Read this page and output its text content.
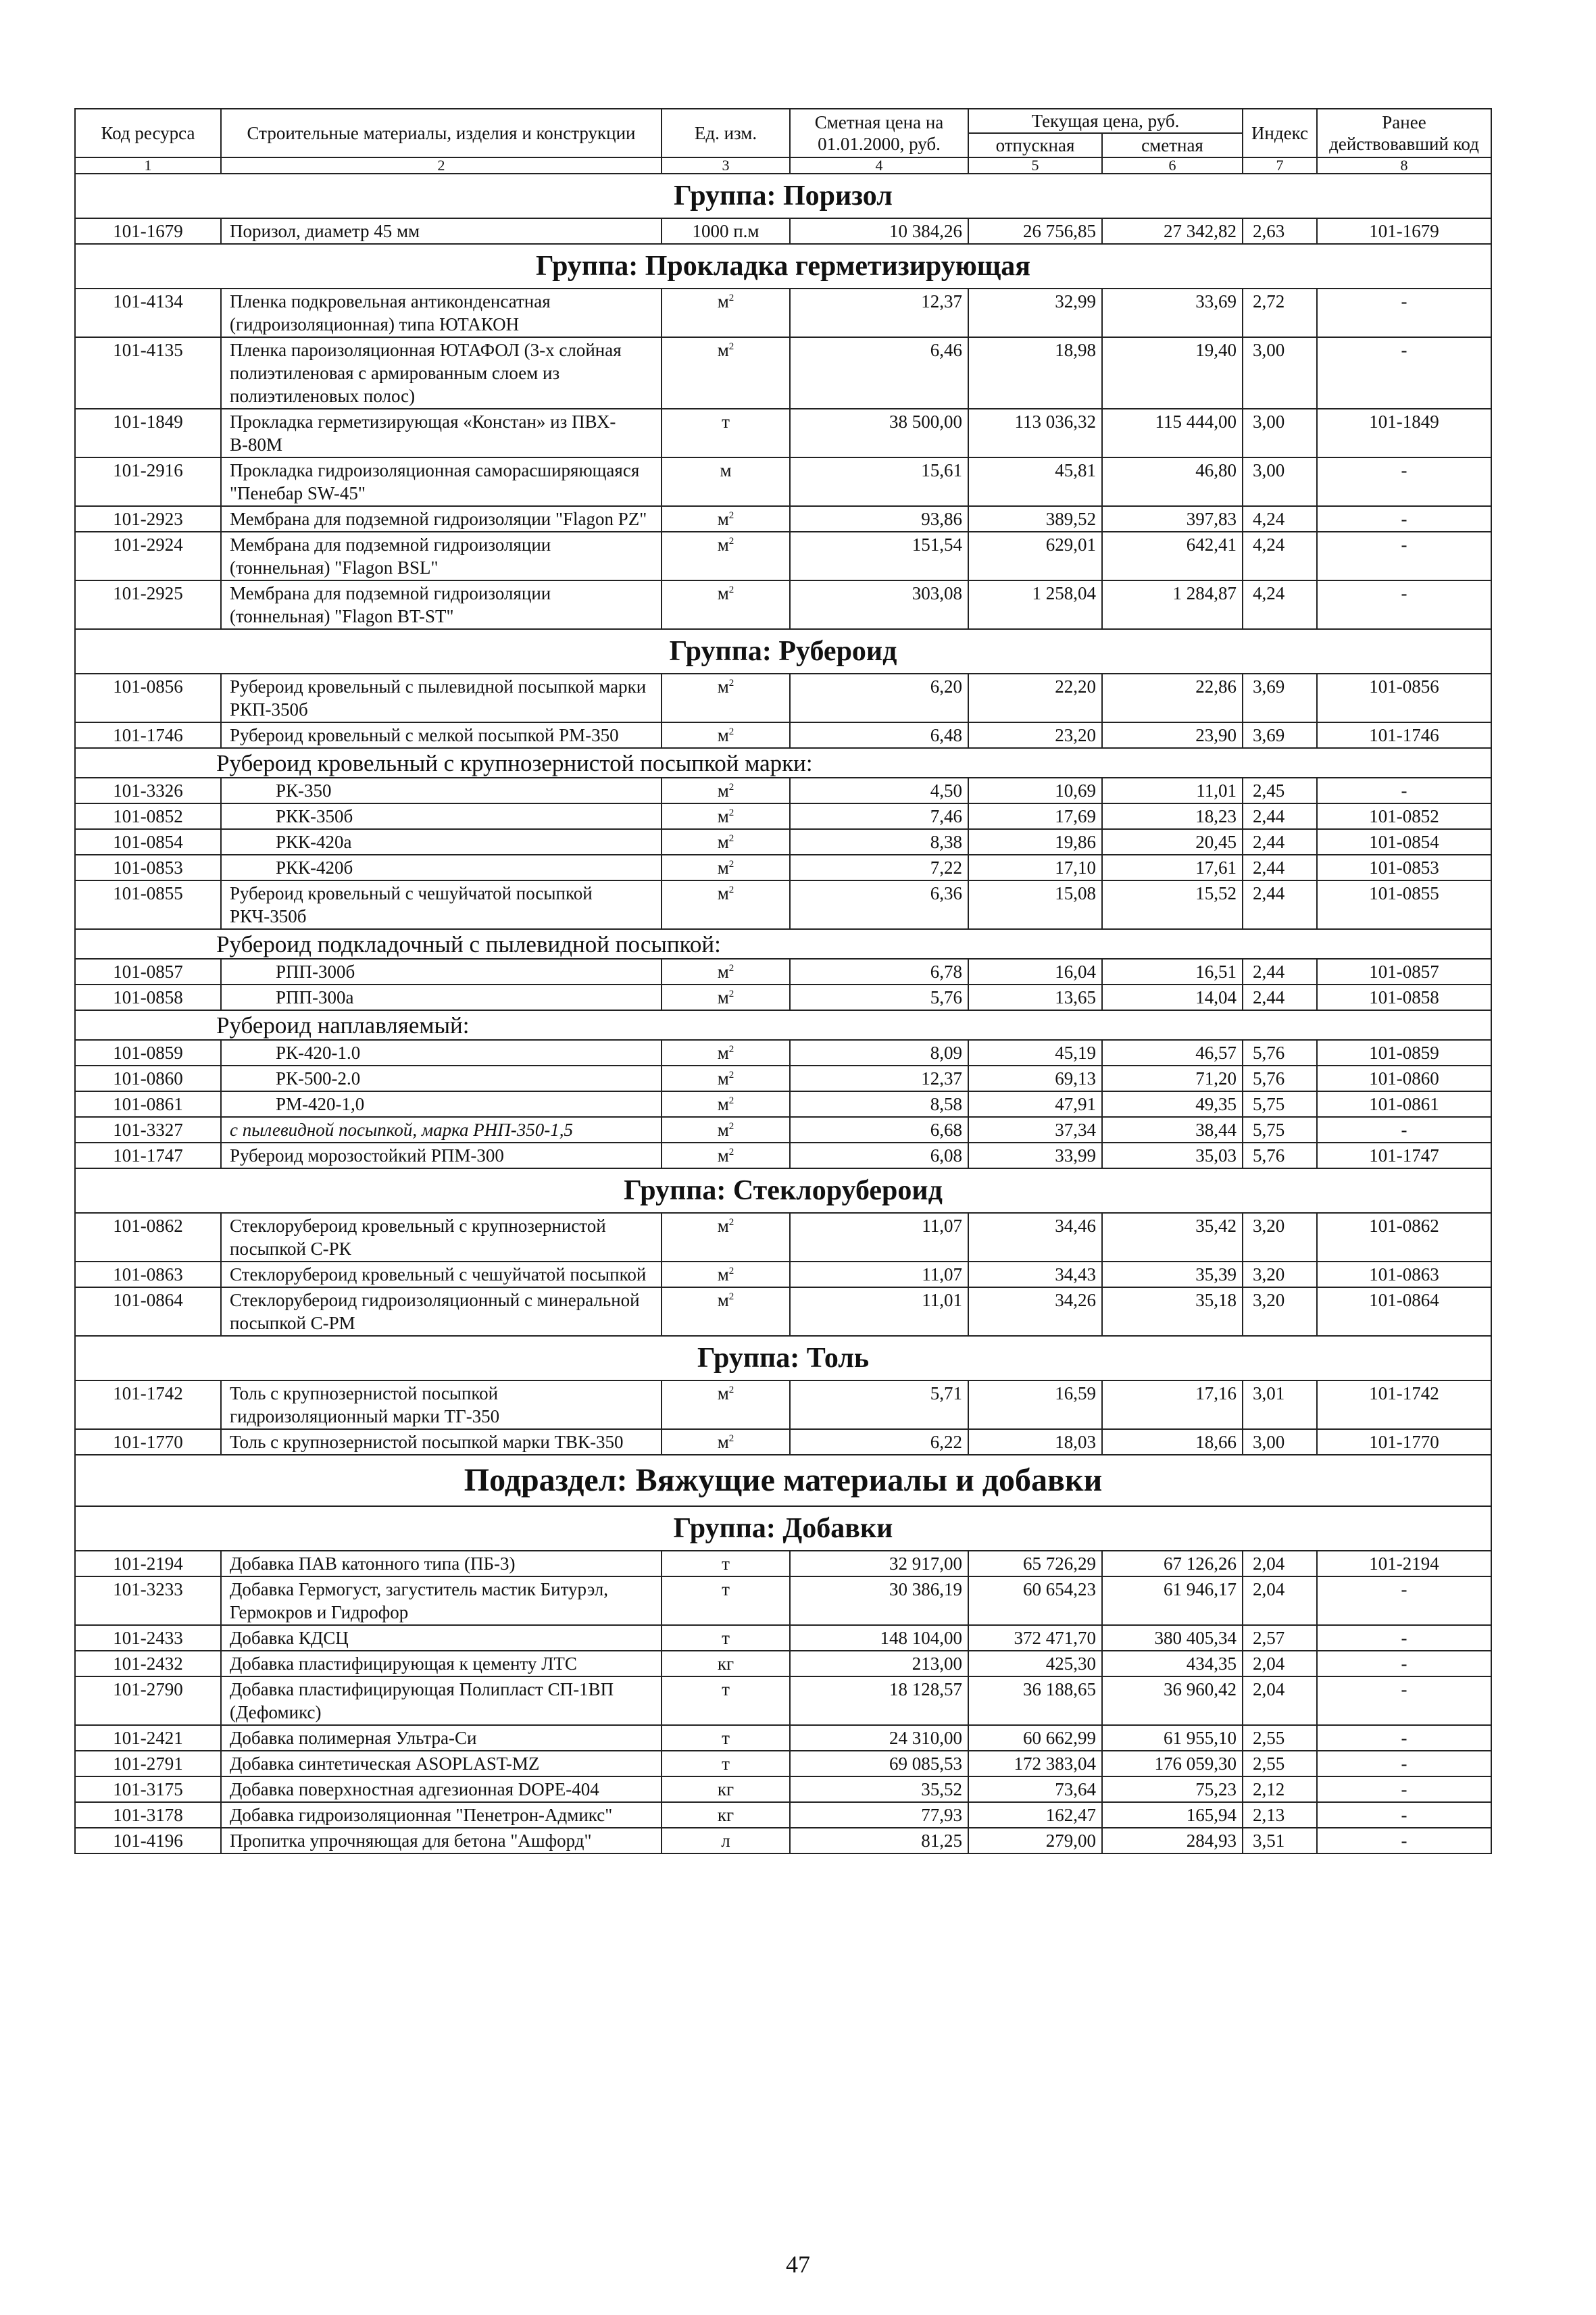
Код ресурса	Строительные материалы, изделия и конструкции	Ед. изм.	Сметная цена на 01.01.2000, руб.	Текущая цена, руб.		Индекс	Ранее действовавший код
				отпускная	сметная		
1	2	3	4	5	6	7	8
Группа: Поризол							
101-1679	Поризол, диаметр 45 мм	1000 п.м	10 384,26	26 756,85	27 342,82	2,63	101-1679
Группа: Прокладка герметизирующая							
101-4134	Пленка подкровельная антиконденсатная (гидроизоляционная) типа ЮТАКОН	$м^2$	12,37	32,99	33,69	2,72	-
101-4135	Пленка пароизоляционная ЮТАФОЛ (3-х слойная полиэтиленовая с армированным слоем из полиэтиленовых полос)	$м^2$	6,46	18,98	19,40	3,00	-
101-1849	Прокладка герметизирующая «Констан» из ПВХ-В-80М	т	38 500,00	113 036,32	115 444,00	3,00	101-1849
101-2916	Прокладка гидроизоляционная саморасширяющаяся "Пенебар SW-45"	м	15,61	45,81	46,80	3,00	-
101-2923	Мембрана для подземной гидроизоляции "Flagon PZ"	$м^2$	93,86	389,52	397,83	4,24	-
101-2924	Мембрана для подземной гидроизоляции (тоннельная) "Flagon BSL"	$м^2$	151,54	629,01	642,41	4,24	-
101-2925	Мембрана для подземной гидроизоляции (тоннельная) "Flagon BT-ST"	$м^2$	303,08	1 258,04	1 284,87	4,24	-
Группа: Рубероид							
101-0856	Рубероид кровельный с пылевидной посыпкой марки РКП-350б	$м^2$	6,20	22,20	22,86	3,69	101-0856
101-1746	Рубероид кровельный с мелкой посыпкой РМ-350	$м^2$	6,48	23,20	23,90	3,69	101-1746

Рубероид кровельный с крупнозернистой посыпкой марки:							

101-3326	РК-350	$м^2$	4,50	10,69	11,01	2,45	-
101-0852	РКК-350б	$м^2$	7,46	17,69	18,23	2,44	101-0852
101-0854	РКК-420а	$м^2$	8,38	19,86	20,45	2,44	101-0854
101-0853	РКК-420б	$м^2$	7,22	17,10	17,61	2,44	101-0853
101-0855	Рубероид кровельный с чешуйчатой посыпкой РКЧ-350б	$м^2$	6,36	15,08	15,52	2,44	101-0855

Рубероид подкладочный с пылевидной посыпкой:							

101-0857	РПП-300б	$м^2$	6,78	16,04	16,51	2,44	101-0857
101-0858	РПП-300а	$м^2$	5,76	13,65	14,04	2,44	101-0858

Рубероид наплавляемый:							

101-0859	РК-420-1.0	$м^2$	8,09	45,19	46,57	5,76	101-0859
101-0860	РК-500-2.0	$м^2$	12,37	69,13	71,20	5,76	101-0860
101-0861	РМ-420-1,0	$м^2$	8,58	47,91	49,35	5,75	101-0861
101-3327	с пылевидной посыпкой, марка РНП-350-1,5	$м^2$	6,68	37,34	38,44	5,75	-
101-1747	Рубероид морозостойкий РПМ-300	$м^2$	6,08	33,99	35,03	5,76	101-1747
Группа: Стеклорубероид							
101-0862	Стеклорубероид кровельный с крупнозернистой посыпкой С-РК	$м^2$	11,07	34,46	35,42	3,20	101-0862
101-0863	Стеклорубероид кровельный с чешуйчатой посыпкой	$м^2$	11,07	34,43	35,39	3,20	101-0863
101-0864	Стеклорубероид гидроизоляционный с минеральной посыпкой С-РМ	$м^2$	11,01	34,26	35,18	3,20	101-0864
Группа: Толь							
101-1742	Толь с крупнозернистой посыпкой гидроизоляционный марки ТГ-350	$м^2$	5,71	16,59	17,16	3,01	101-1742
101-1770	Толь с крупнозернистой посыпкой марки ТВК-350	$м^2$	6,22	18,03	18,66	3,00	101-1770
Подраздел: Вяжущие материалы и добавки							
Группа: Добавки							
101-2194	Добавка ПАВ катонного типа (ПБ-3)	т	32 917,00	65 726,29	67 126,26	2,04	101-2194
101-3233	Добавка Гермогуст, загуститель мастик Битурэл, Гермокров и Гидрофор	т	30 386,19	60 654,23	61 946,17	2,04	-
101-2433	Добавка КДСЦ	т	148 104,00	372 471,70	380 405,34	2,57	-
101-2432	Добавка пластифицирующая к цементу ЛТС	кг	213,00	425,30	434,35	2,04	-
101-2790	Добавка пластифицирующая Полипласт СП-1ВП (Дефомикс)	т	18 128,57	36 188,65	36 960,42	2,04	-
101-2421	Добавка полимерная Ультра-Си	т	24 310,00	60 662,99	61 955,10	2,55	-
101-2791	Добавка синтетическая ASOPLAST-MZ	т	69 085,53	172 383,04	176 059,30	2,55	-
101-3175	Добавка поверхностная адгезионная DOPE-404	кг	35,52	73,64	75,23	2,12	-
101-3178	Добавка гидроизоляционная "Пенетрон-Адмикс"	кг	77,93	162,47	165,94	2,13	-
101-4196	Пропитка упрочняющая для бетона "Ашфорд"	л	81,25	279,00	284,93	3,51	-
47
